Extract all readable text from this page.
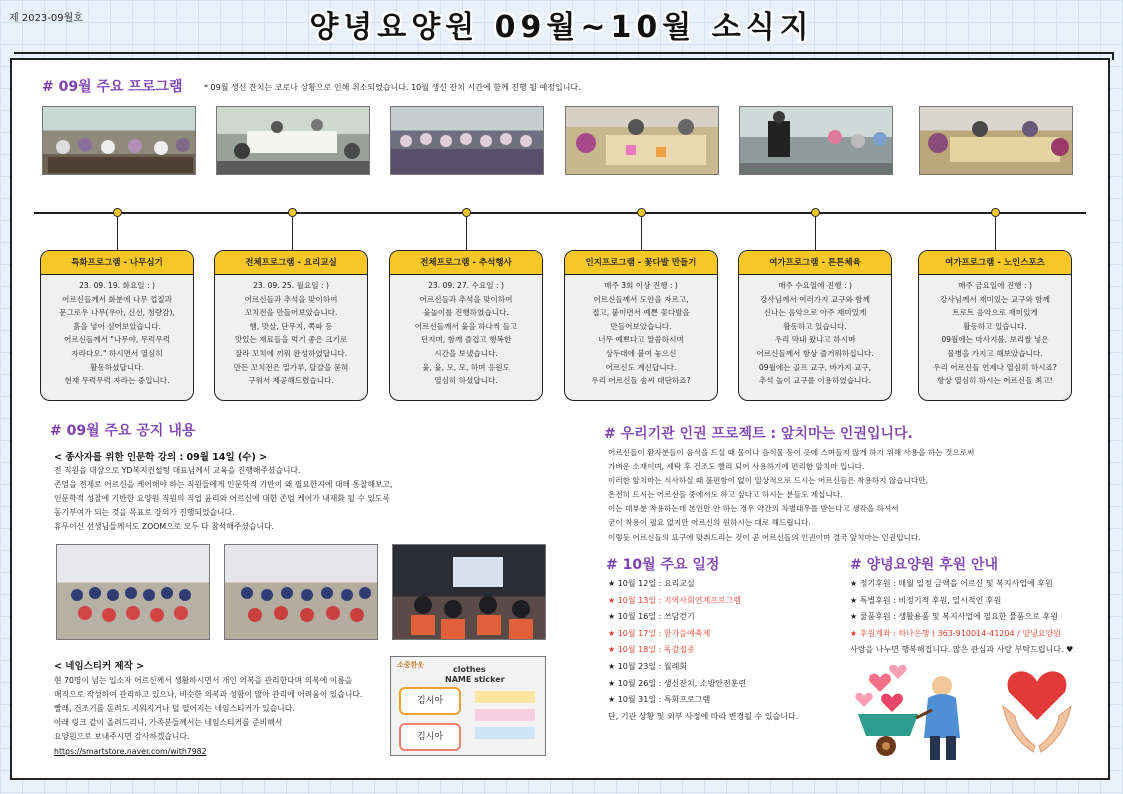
제 2023-09월호	양녕요양원 09월~10월 소식지
# 09월 주요 프로그램	* 09월 생신 잔치는 코로나 상황으로 인해 취소되었습니다. 10월 생신 잔치 시간에 함께 진행 될 예정입니다.
특화프로그램 - 나무심기
23. 09. 19. 화요일 : )
어르신들께서 화분에 나무 껍질과
문그로우 나무(우아, 신선, 청량감),
흙을 넣어 심어보았습니다.
어르신들께서 "나무야, 무럭무럭
자라다오." 하시면서 열심히
활동하셨답니다.
현재 무럭무럭 자라는 중입니다.
전체프로그램 - 요리교실
23. 09. 25. 월요일 : )
어르신들과 추석을 맞이하여
꼬치전을 만들어보았습니다.
햄, 맛살, 단무지, 쪽파 등
맛있는 재료들을 먹기 좋은 크기로
잘라 꼬치에 끼워 완성하였답니다.
만든 꼬치전은 밀가루, 달걀을 묻혀
구워서 제공해드렸습니다.
전체프로그램 - 추석행사
23. 09. 27. 수요일 : )
어르신들과 추석을 맞이하여
윷놀이를 진행하였습니다.
어르신들께서 윷을 하나씩 들고
던지며, 함께 즐겁고 행복한
시간을 보냈습니다.
윷, 윷, 모, 모, 하며 응원도
열심히 하셨답니다.
인지프로그램 - 꽃다발 만들기
매주 3회 이상 진행 : )
어르신들께서 도안을 자르고,
접고, 붙이면서 예쁜 꽃다발을
만들어보았습니다.
너무 예쁘다고 말씀하시며
상두대에 붙여 놓으신
어르신도 계신답니다.
우리 어르신들 솜씨 대단하죠?
여가프로그램 - 튼튼체육
매주 수요일에 진행 : )
강사님께서 여러가지 교구와 함께
신나는 음악으로 아주 재미있게
활동하고 있습니다.
우리 막내 왔냐고 하시며
어르신들께서 항상 즐거워하십니다.
09월에는 골프 교구, 바가지 교구,
추석 놀이 교구를 이용하였습니다.
여가프로그램 - 노인스포츠
매주 금요일에 진행 : )
강사님께서 재미있는 교구와 함께
트로트 음악으로 재미있게
활동하고 있습니다.
09월에는 마사지볼, 보리쌀 넣은
물병을 가지고 해보았습니다.
우리 어르신들 언제나 열심히 하시죠?
항상 열심히 하시는 어르신들 최고!
# 09월 주요 공지 내용
< 종사자를 위한 인문학 강의 : 09월 14일 (수) >
전 직원을 대상으로 YD복지컨설팅 대표님께서 교육을 진행해주셨습니다.
존엄을 전제로 어르신을 케어해야 하는 직원들에게 인문학적 기반이 왜 필요한지에 대해 통찰해보고,
인문학적 성찰에 기반한 요양원 직원의 직업 윤리와 어르신에 대한 존엄 케어가 내재화 될 수 있도록
동기부여가 되는 것을 목표로 강의가 진행되었습니다.
휴무이신 선생님들께서도 ZOOM으로 모두 다 참석해주셨습니다.
< 네임스티커 제작 >
현 70명이 넘는 입소자 어르신께서 생활하시면서 개인 의복을 관리한다며 의복에 이름을
매직으로 작성하여 관리하고 있으나, 비슷한 의복과 성함이 많아 관리에 어려움이 있습니다.
빨래, 건조기를 돌려도 지워지거나 덜 떨어지는 네임스티커가 있습니다.
아래 링크 같이 올려드리니, 가족분들께서는 네임스티커를 준비해서
요양원으로 보내주시면 감사하겠습니다.
https://smartstore.naver.com/with7982
소중한옷	clothes
NAME sticker
김시아
김시아
# 우리기관 인권 프로젝트 : 앞치마는 인권입니다.
어르신들이 환자분들이 음식을 드실 때 물이나 음식물 등이 옷에 스며들지 않게 하기 위해 사용을 하는 것으로써
가벼운 소재이며, 세탁 후 건조도 빨리 되어 사용하기에 편리한 앞치마 입니다.
이러한 앞치마는 식사하실 때 불편함이 없이 일상적으로 드시는 어르신들은 착용하지 않습니다만,
온전히 드시는 어르신들 중에서도 하고 싶다고 하시는 분들도 계십니다.
이는 대부분 착용하는데 본인만 안 하는 경우 약간의 차별대우를 받는다고 생각을 하셔서
굳이 착용이 필요 없지만 어르신의 원하시는 대로 해드립니다.
이렇듯 어르신들의 요구에 맞춰드리는 것이 곧 어르신들의 인권이며 결국 앞치마는 인권입니다.
# 10월 주요 일정
★ 10월 12일 : 요리교실
★ 10월 13일 : 지역사회연계프로그램
★ 10월 16일 : 쓰담걷기
★ 10월 17일 : 한가을예축제
★ 10월 18일 : 독감접종
★ 10월 23일 : 월례회
★ 10월 26일 : 생신잔치, 소방안전훈련
★ 10월 31일 : 특화프로그램
단, 기관 상황 및 외부 사정에 따라 변경될 수 있습니다.
# 양녕요양원 후원 안내
★ 정기후원 : 매월 일정 금액을 어르신 및 복지사업에 후원
★ 특별후원 : 비정기적 후원, 일시적인 후원
★ 물품후원 : 생활용품 및 복지사업에 필요한 물품으로 후원
★ 후원계좌 : 하나은행 ) 363-910014-41204 / 양녕요양원
사랑을 나누면 행복해집니다. 많은 관심과 사랑 부탁드립니다. ♥
